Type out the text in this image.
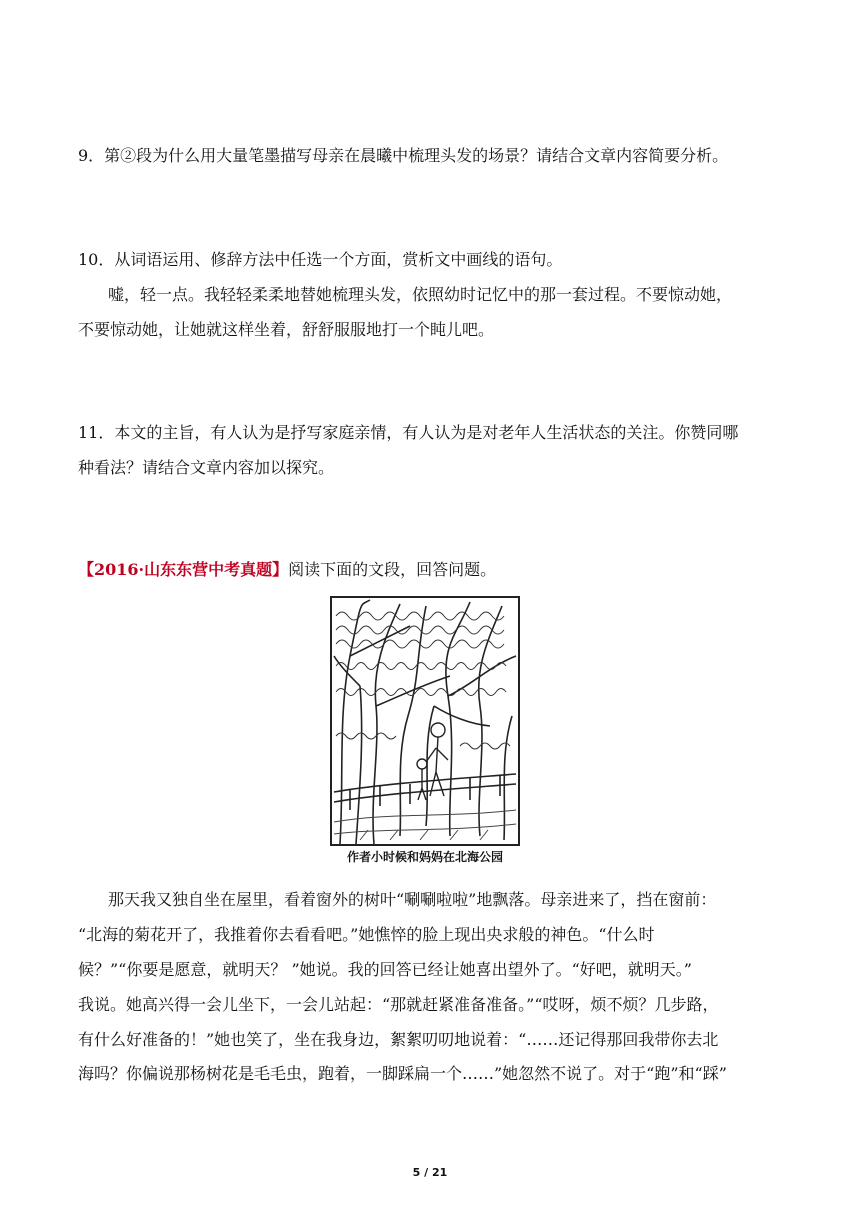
9．第②段为什么用大量笔墨描写母亲在晨曦中梳理头发的场景？请结合文章内容简要分析。
10．从词语运用、修辞方法中任选一个方面，赏析文中画线的语句。
嘘，轻一点。我轻轻柔柔地替她梳理头发，依照幼时记忆中的那一套过程。不要惊动她，
不要惊动她，让她就这样坐着，舒舒服服地打一个盹儿吧。
11．本文的主旨，有人认为是抒写家庭亲情，有人认为是对老年人生活状态的关注。你赞同哪
种看法？请结合文章内容加以探究。
【2016·山东东营中考真题】阅读下面的文段，回答问题。
作者小时候和妈妈在北海公园
那天我又独自坐在屋里，看着窗外的树叶“唰唰啦啦”地飘落。母亲进来了，挡在窗前：
“北海的菊花开了，我推着你去看看吧。”她憔悴的脸上现出央求般的神色。“什么时
候？”“你要是愿意，就明天？ ”她说。我的回答已经让她喜出望外了。“好吧，就明天。”
我说。她高兴得一会儿坐下，一会儿站起：“那就赶紧准备准备。”“哎呀，烦不烦？几步路，
有什么好准备的！”她也笑了，坐在我身边，絮絮叨叨地说着：“……还记得那回我带你去北
海吗？你偏说那杨树花是毛毛虫，跑着，一脚踩扁一个……”她忽然不说了。对于“跑”和“踩”
5 / 21
